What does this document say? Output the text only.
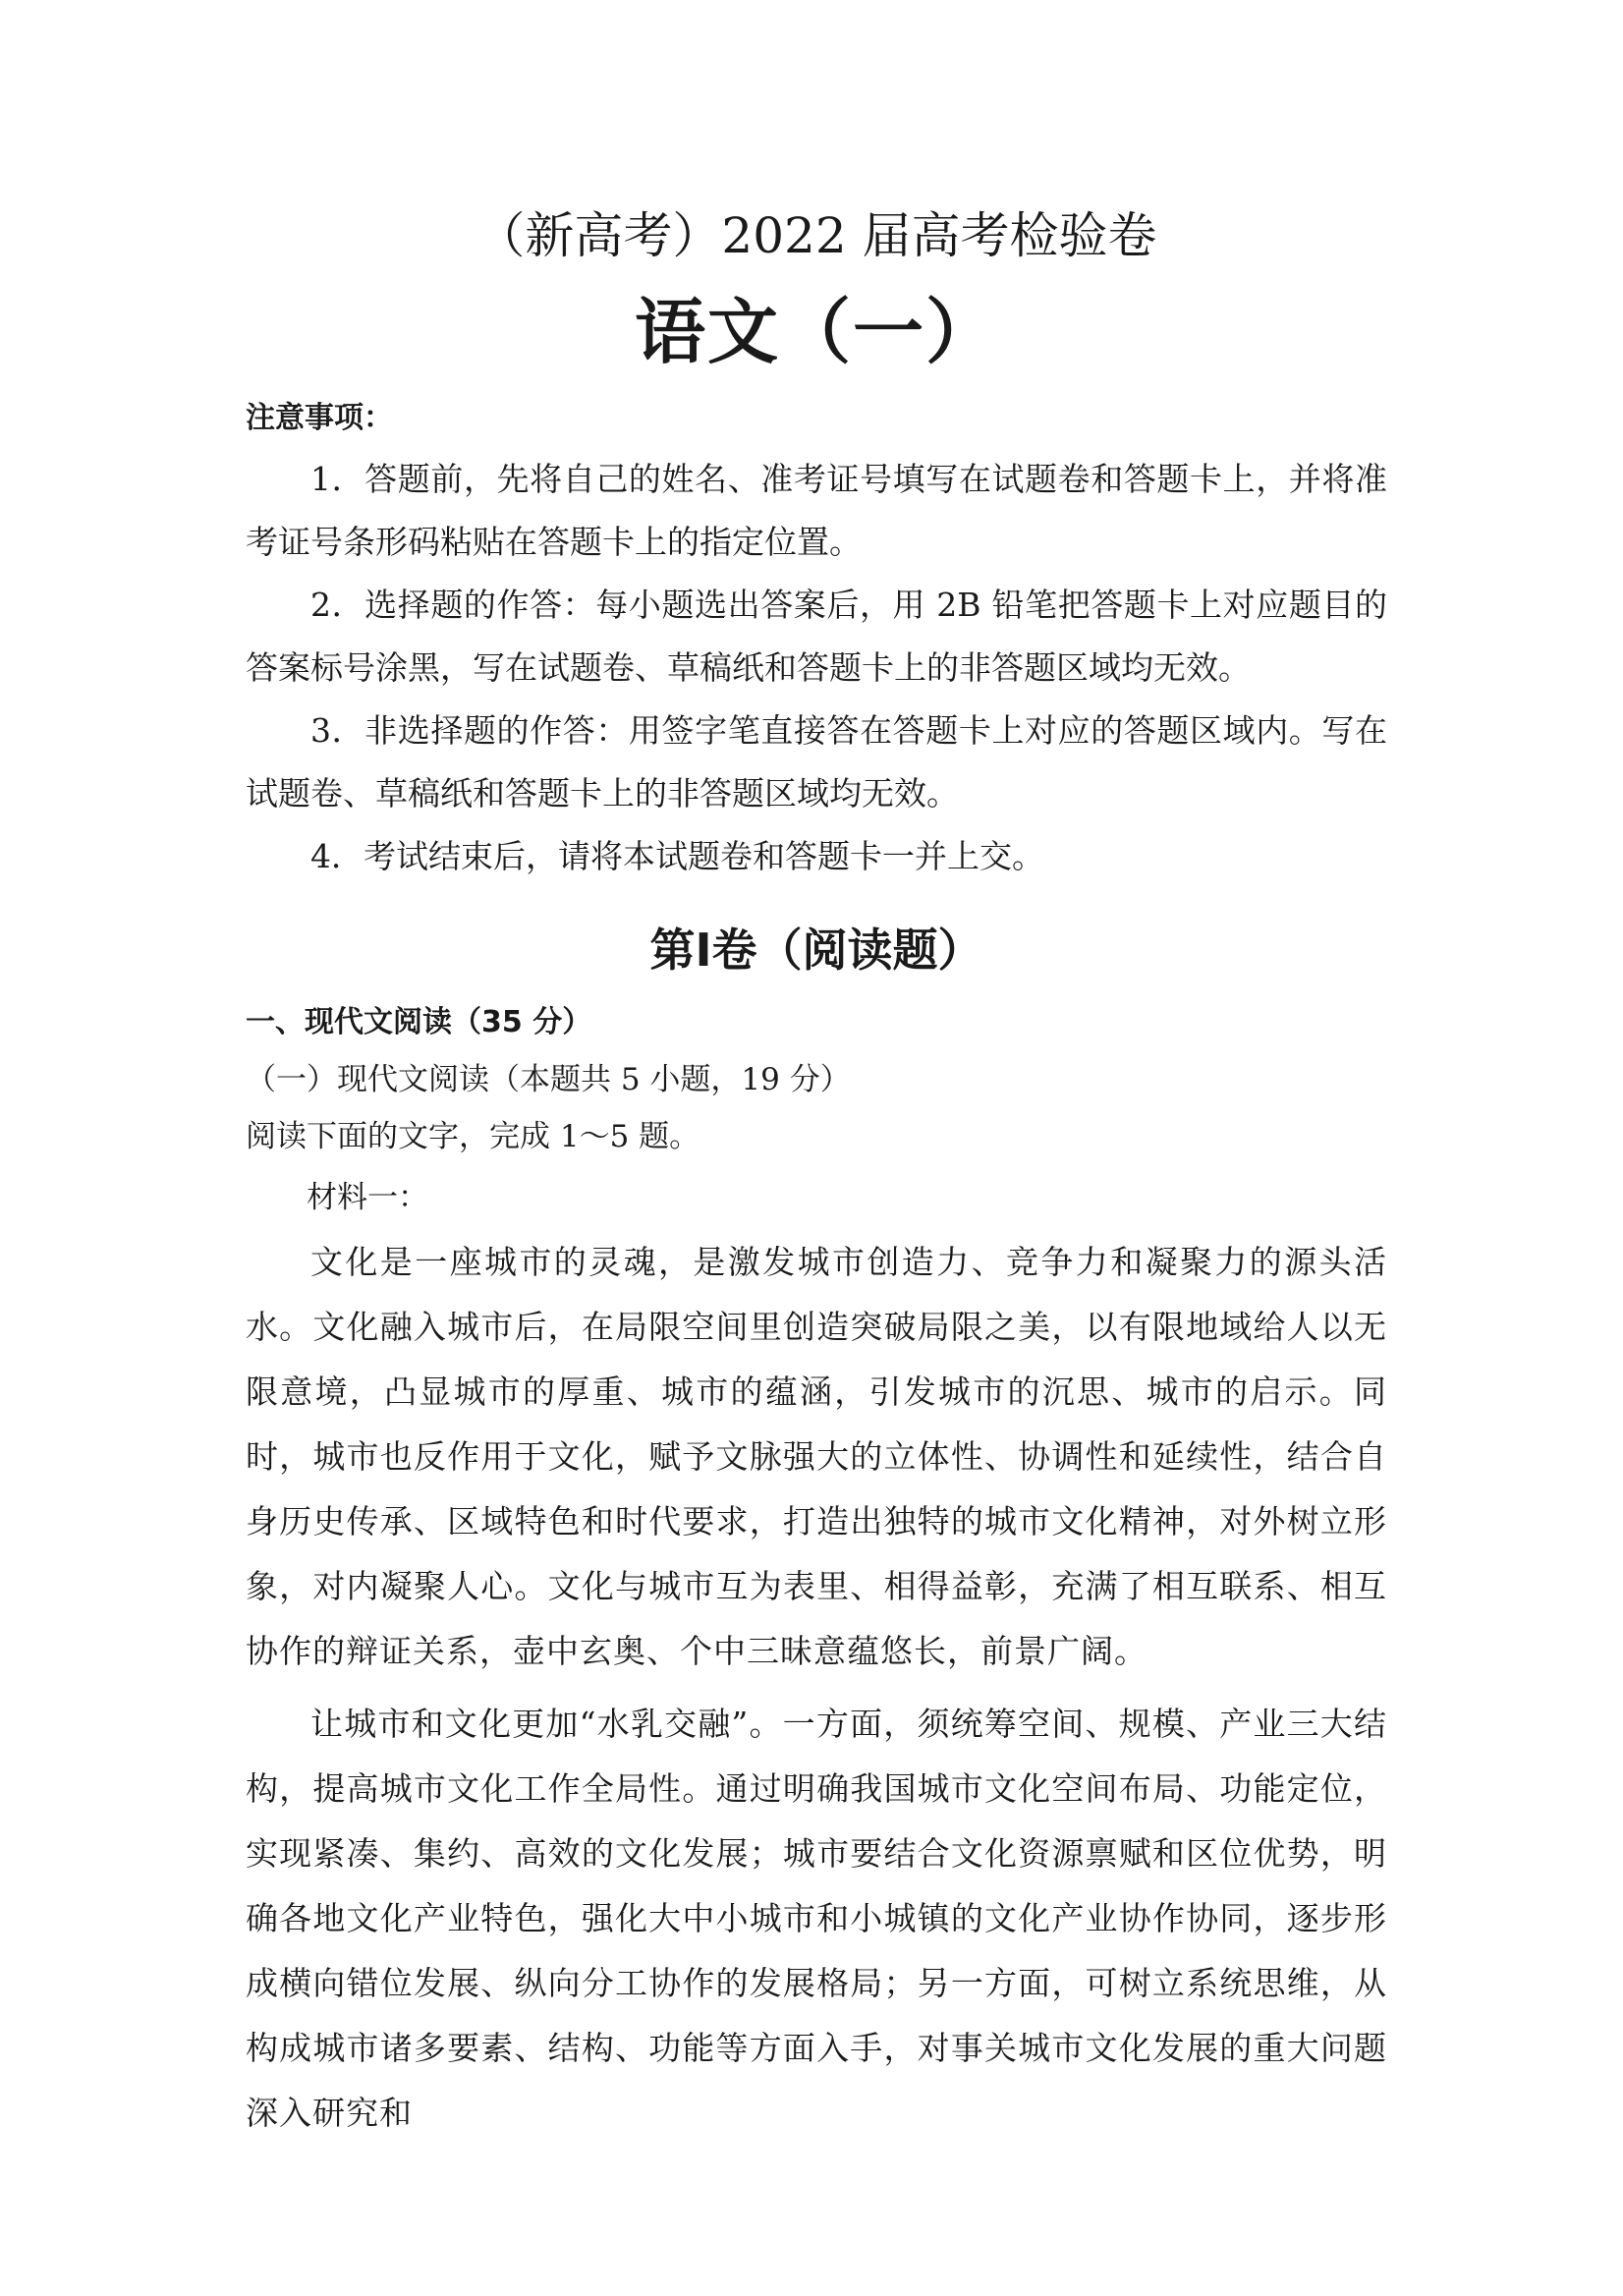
（新高考）2022 届高考检验卷
语文（一）

注意事项：

1．答题前，先将自己的姓名、准考证号填写在试题卷和答题卡上，并将准考证号条形码粘贴在答题卡上的指定位置。

2．选择题的作答：每小题选出答案后，用 2B 铅笔把答题卡上对应题目的答案标号涂黑，写在试题卷、草稿纸和答题卡上的非答题区域均无效。

3．非选择题的作答：用签字笔直接答在答题卡上对应的答题区域内。写在试题卷、草稿纸和答题卡上的非答题区域均无效。

4．考试结束后，请将本试题卷和答题卡一并上交。

第Ⅰ卷（阅读题）

一、现代文阅读（35 分）

（一）现代文阅读（本题共 5 小题，19 分）

阅读下面的文字，完成 1～5 题。

材料一：

文化是一座城市的灵魂，是激发城市创造力、竞争力和凝聚力的源头活水。文化融入城市后，在局限空间里创造突破局限之美，以有限地域给人以无限意境，凸显城市的厚重、城市的蕴涵，引发城市的沉思、城市的启示。同时，城市也反作用于文化，赋予文脉强大的立体性、协调性和延续性，结合自身历史传承、区域特色和时代要求，打造出独特的城市文化精神，对外树立形象，对内凝聚人心。文化与城市互为表里、相得益彰，充满了相互联系、相互协作的辩证关系，壶中玄奥、个中三昧意蕴悠长，前景广阔。

让城市和文化更加“水乳交融”。一方面，须统筹空间、规模、产业三大结构，提高城市文化工作全局性。通过明确我国城市文化空间布局、功能定位，实现紧凑、集约、高效的文化发展；城市要结合文化资源禀赋和区位优势，明确各地文化产业特色，强化大中小城市和小城镇的文化产业协作协同，逐步形成横向错位发展、纵向分工协作的发展格局；另一方面，可树立系统思维，从构成城市诸多要素、结构、功能等方面入手，对事关城市文化发展的重大问题深入研究和
